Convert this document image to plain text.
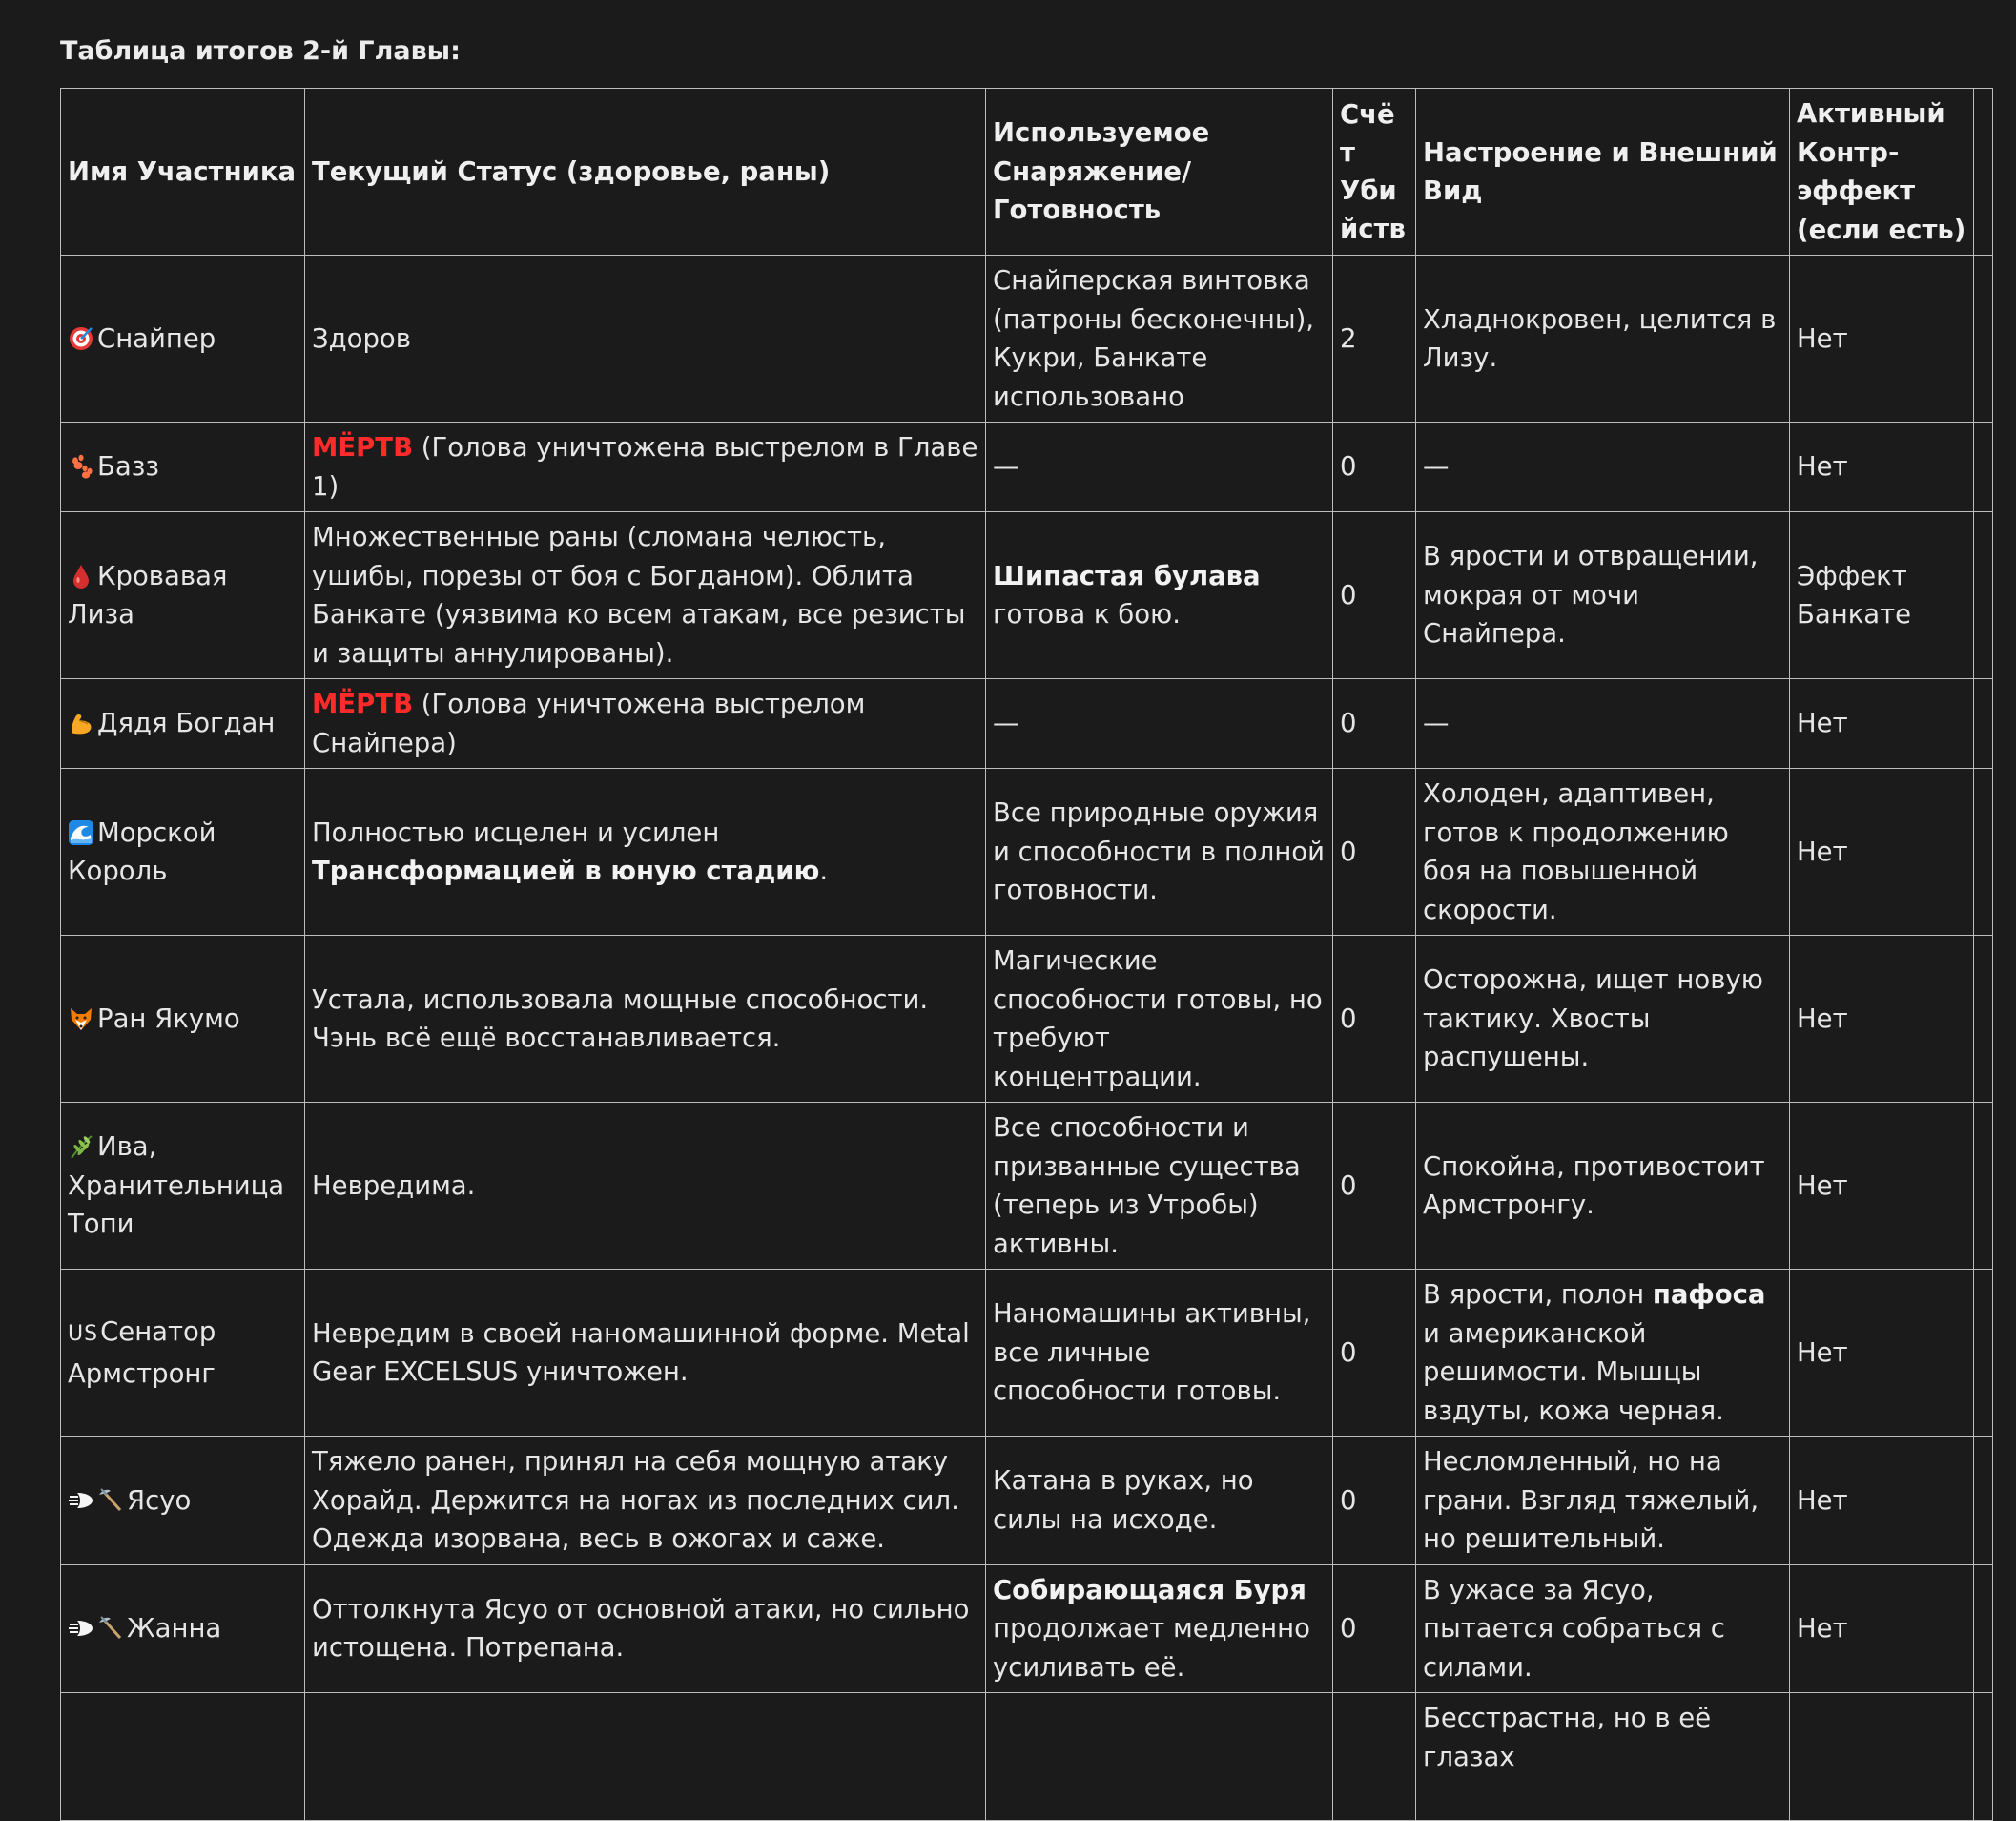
Таблица итогов 2-й Главы:
Имя Участника	Текущий Статус (здоровье, раны)	Используемое Снаряжение/Готовность	Счёт Убийств	Настроение и Внешний Вид	Активный Контр-эффект (если есть)	

Снайпер	Здоров	Снайперская винтовка (патроны бесконечны), Кукри, Банкате использовано	2	Хладнокровен, целится в Лизу.	Нет	

Базз	МЁРТВ (Голова уничтожена выстрелом в Главе 1)	—	0	—	Нет	

Кровавая Лиза	Множественные раны (сломана челюсть, ушибы, порезы от боя с Богданом). Облита Банкате (уязвима ко всем атакам, все резисты и защиты аннулированы).	Шипастая булава готова к бою.	0	В ярости и отвращении, мокрая от мочи Снайпера.	Эффект Банкате	

Дядя Богдан	МЁРТВ (Голова уничтожена выстрелом Снайпера)	—	0	—	Нет	

Морской Король	Полностью исцелен и усилен Трансформацией в юную стадию.	Все природные оружия и способности в полной готовности.	0	Холоден, адаптивен, готов к продолжению боя на повышенной скорости.	Нет	

Ран Якумо	Устала, использовала мощные способности. Чэнь всё ещё восстанавливается.	Магические способности готовы, но требуют концентрации.	0	Осторожна, ищет новую тактику. Хвосты распушены.	Нет	

Ива, Хранительница Топи	Невредима.	Все способности и призванные существа (теперь из Утробы) активны.	0	Спокойна, противостоит Армстронгу.	Нет	
USСенатор Армстронг	Невредим в своей наномашинной форме. Metal Gear EXCELSUS уничтожен.	Наномашины активны, все личные способности готовы.	0	В ярости, полон пафоса и американской решимости. Мышцы вздуты, кожа черная.	Нет	

Ясуо	Тяжело ранен, принял на себя мощную атаку Хорайд. Держится на ногах из последних сил. Одежда изорвана, весь в ожогах и саже.	Катана в руках, но силы на исходе.	0	Несломленный, но на грани. Взгляд тяжелый, но решительный.	Нет	

Жанна	Оттолкнута Ясуо от основной атаки, но сильно истощена. Потрепана.	Собирающаяся Буря продолжает медленно усиливать её.	0	В ужасе за Ясуо, пытается собраться с силами.	Нет	
				Бесстрастна, но в её глазах		
